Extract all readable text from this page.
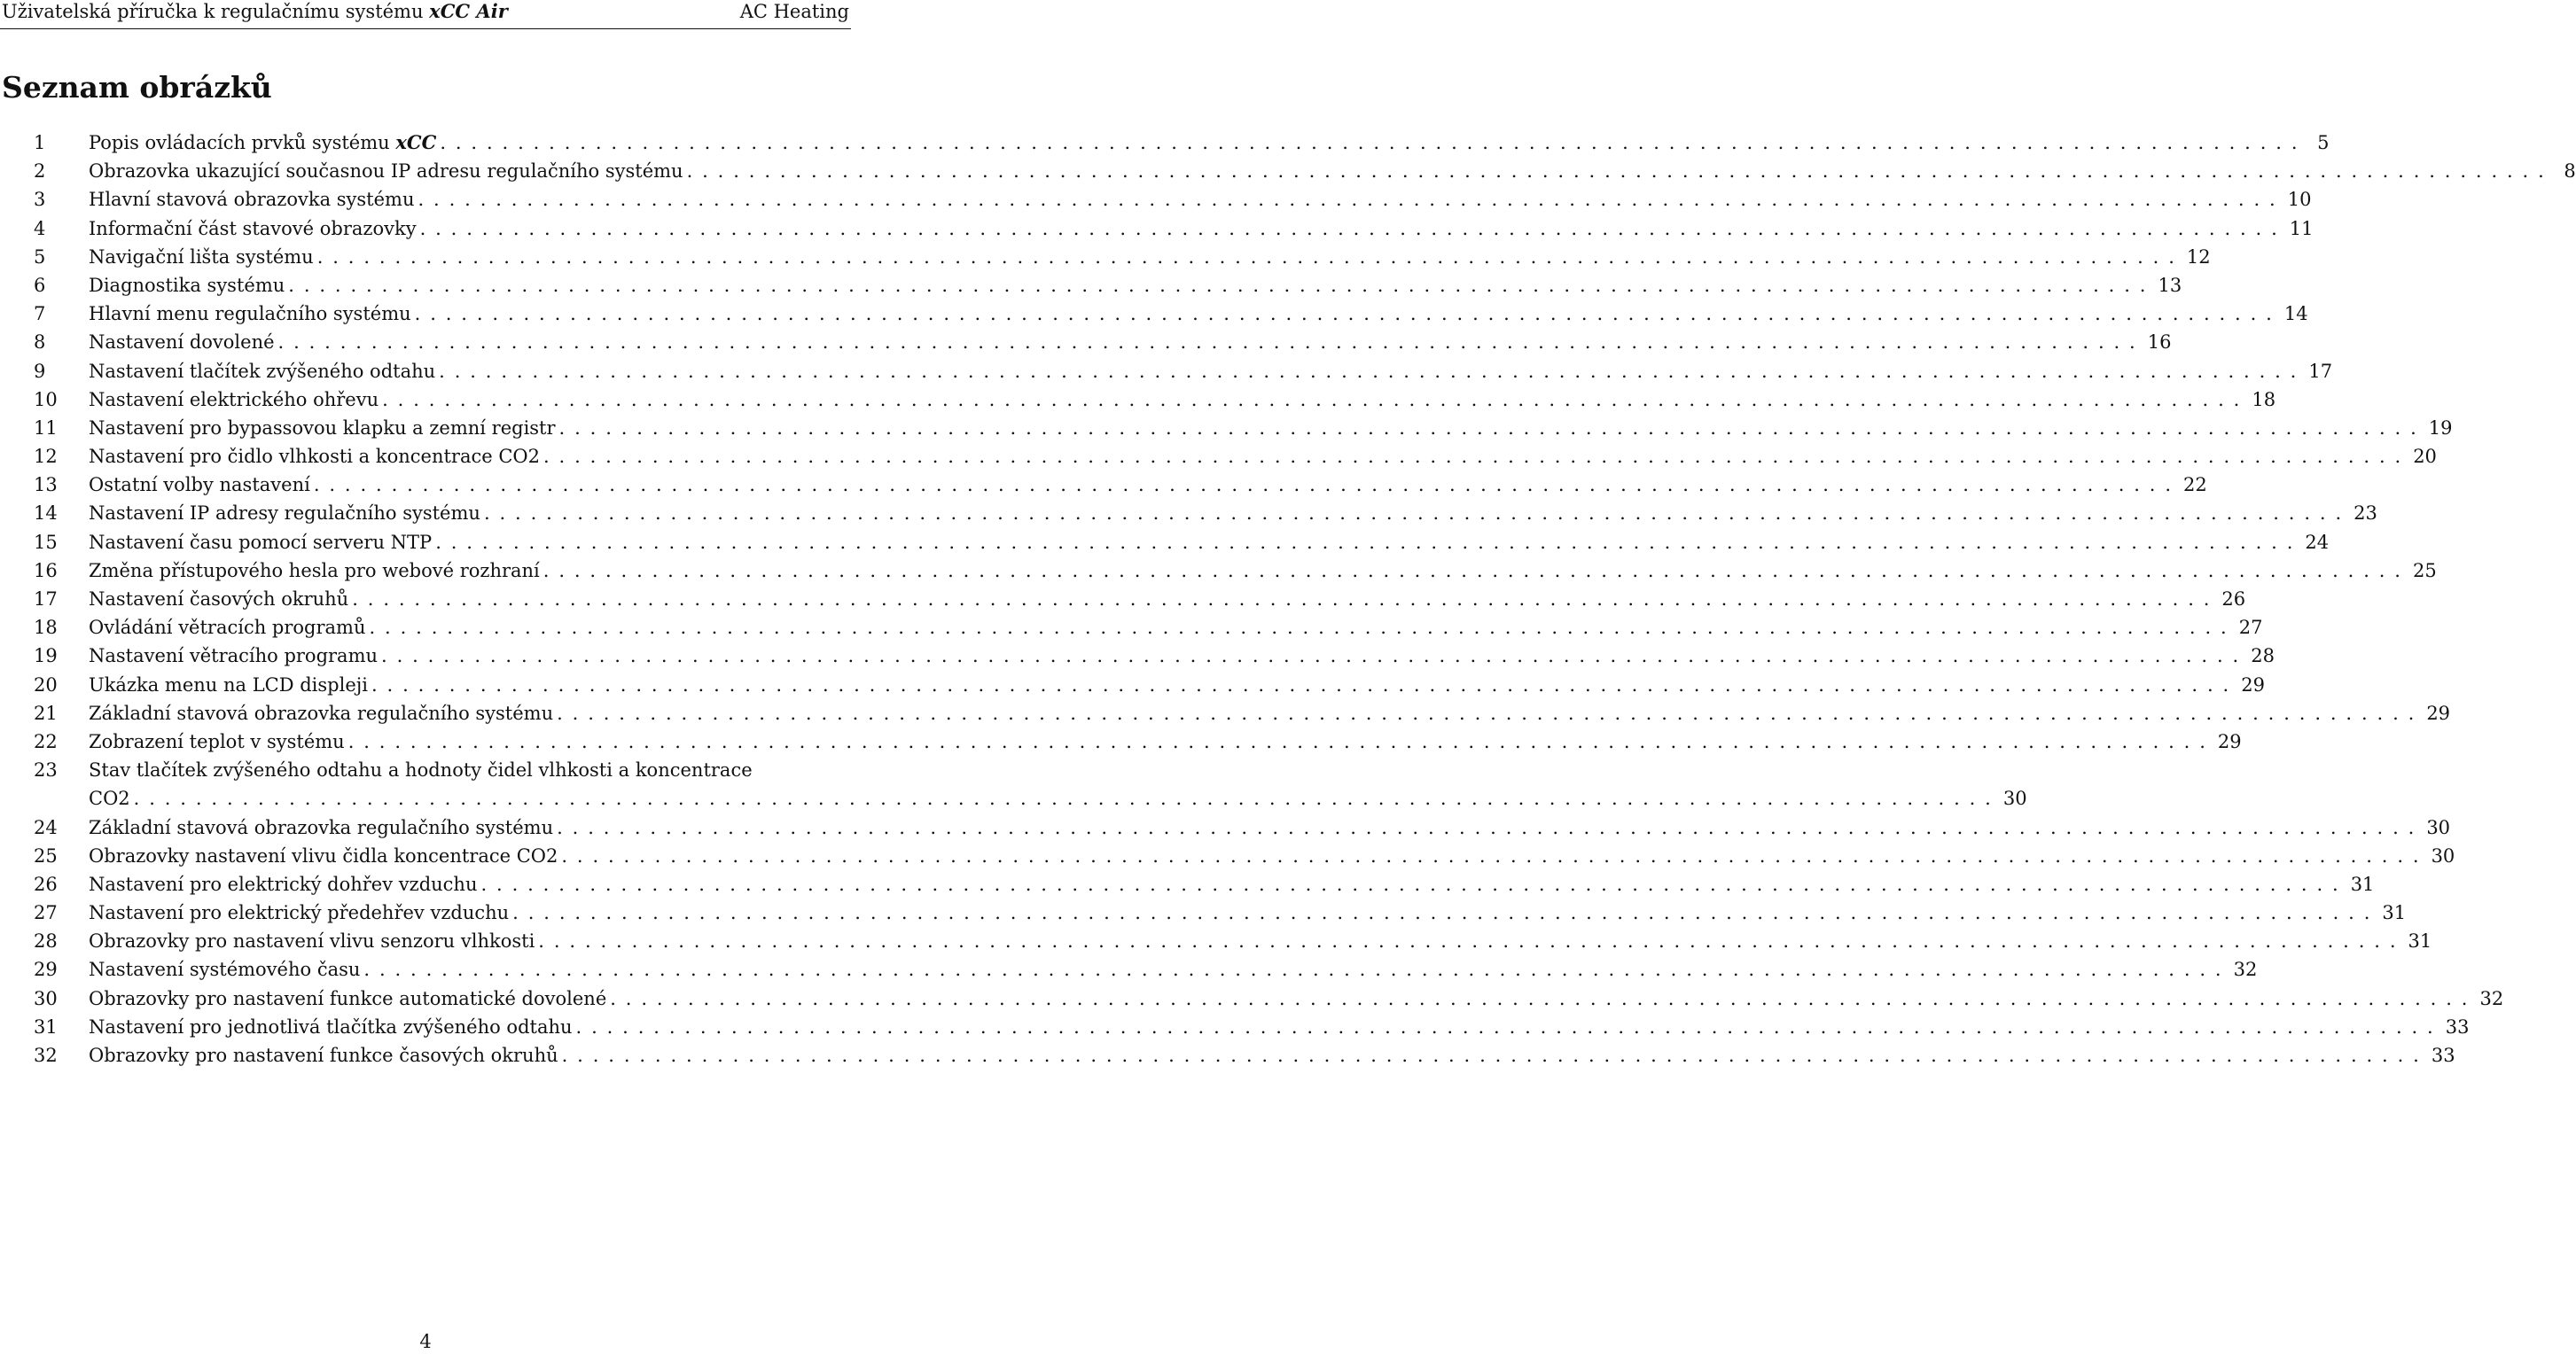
Uživatelská příručka k regulačnímu systému xCC Air	AC Heating
Seznam obrázků
1 Popis ovládacích prvků systému xCC . . . . . . . . . . . . . . . . . . . . . . . . . . . . . . . . . . . . . . . . . . . . . . . . . . . . . . . . . . . . . . . . . . . . . . . . . . . . . . . . . . . . . . . . . . . . . . . . . . . . . . . . . . . . . . . . . . . . . . . .	5
2 Obrazovka ukazující současnou IP adresu regulačního systému . . . . . . . . . . . . . . . . . . . . . . . . . . . . . . . . . . . . . . . . . . . . . . . . . . . . . . . . . . . . . . . . . . . . . . . . . . . . . . . . . . . . . . . . . . . . . . . . . . . . . . . . . . . . . . . . . . . . . . . .	8
3 Hlavní stavová obrazovka systému . . . . . . . . . . . . . . . . . . . . . . . . . . . . . . . . . . . . . . . . . . . . . . . . . . . . . . . . . . . . . . . . . . . . . . . . . . . . . . . . . . . . . . . . . . . . . . . . . . . . . . . . . . . . . . . . . . . . . . . . 10
4 Informační část stavové obrazovky . . . . . . . . . . . . . . . . . . . . . . . . . . . . . . . . . . . . . . . . . . . . . . . . . . . . . . . . . . . . . . . . . . . . . . . . . . . . . . . . . . . . . . . . . . . . . . . . . . . . . . . . . . . . . . . . . . . . . . . . 11
5 Navigační lišta systému . . . . . . . . . . . . . . . . . . . . . . . . . . . . . . . . . . . . . . . . . . . . . . . . . . . . . . . . . . . . . . . . . . . . . . . . . . . . . . . . . . . . . . . . . . . . . . . . . . . . . . . . . . . . . . . . . . . . . . . . 12
6 Diagnostika systému . . . . . . . . . . . . . . . . . . . . . . . . . . . . . . . . . . . . . . . . . . . . . . . . . . . . . . . . . . . . . . . . . . . . . . . . . . . . . . . . . . . . . . . . . . . . . . . . . . . . . . . . . . . . . . . . . . . . . . . . 13
7 Hlavní menu regulačního systému . . . . . . . . . . . . . . . . . . . . . . . . . . . . . . . . . . . . . . . . . . . . . . . . . . . . . . . . . . . . . . . . . . . . . . . . . . . . . . . . . . . . . . . . . . . . . . . . . . . . . . . . . . . . . . . . . . . . . . . . 14
8 Nastavení dovolené . . . . . . . . . . . . . . . . . . . . . . . . . . . . . . . . . . . . . . . . . . . . . . . . . . . . . . . . . . . . . . . . . . . . . . . . . . . . . . . . . . . . . . . . . . . . . . . . . . . . . . . . . . . . . . . . . . . . . . . . 16
9 Nastavení tlačítek zvýšeného odtahu . . . . . . . . . . . . . . . . . . . . . . . . . . . . . . . . . . . . . . . . . . . . . . . . . . . . . . . . . . . . . . . . . . . . . . . . . . . . . . . . . . . . . . . . . . . . . . . . . . . . . . . . . . . . . . . . . . . . . . . . 17
10 Nastavení elektrického ohřevu . . . . . . . . . . . . . . . . . . . . . . . . . . . . . . . . . . . . . . . . . . . . . . . . . . . . . . . . . . . . . . . . . . . . . . . . . . . . . . . . . . . . . . . . . . . . . . . . . . . . . . . . . . . . . . . . . . . . . . . . 18
11 Nastavení pro bypassovou klapku a zemní registr . . . . . . . . . . . . . . . . . . . . . . . . . . . . . . . . . . . . . . . . . . . . . . . . . . . . . . . . . . . . . . . . . . . . . . . . . . . . . . . . . . . . . . . . . . . . . . . . . . . . . . . . . . . . . . . . . . . . . . . . 19
12 Nastavení pro čidlo vlhkosti a koncentrace CO2 . . . . . . . . . . . . . . . . . . . . . . . . . . . . . . . . . . . . . . . . . . . . . . . . . . . . . . . . . . . . . . . . . . . . . . . . . . . . . . . . . . . . . . . . . . . . . . . . . . . . . . . . . . . . . . . . . . . . . . . . 20
13 Ostatní volby nastavení . . . . . . . . . . . . . . . . . . . . . . . . . . . . . . . . . . . . . . . . . . . . . . . . . . . . . . . . . . . . . . . . . . . . . . . . . . . . . . . . . . . . . . . . . . . . . . . . . . . . . . . . . . . . . . . . . . . . . . . . 22
14 Nastavení IP adresy regulačního systému . . . . . . . . . . . . . . . . . . . . . . . . . . . . . . . . . . . . . . . . . . . . . . . . . . . . . . . . . . . . . . . . . . . . . . . . . . . . . . . . . . . . . . . . . . . . . . . . . . . . . . . . . . . . . . . . . . . . . . . . 23
15 Nastavení času pomocí serveru NTP . . . . . . . . . . . . . . . . . . . . . . . . . . . . . . . . . . . . . . . . . . . . . . . . . . . . . . . . . . . . . . . . . . . . . . . . . . . . . . . . . . . . . . . . . . . . . . . . . . . . . . . . . . . . . . . . . . . . . . . . 24
16 Změna přístupového hesla pro webové rozhraní . . . . . . . . . . . . . . . . . . . . . . . . . . . . . . . . . . . . . . . . . . . . . . . . . . . . . . . . . . . . . . . . . . . . . . . . . . . . . . . . . . . . . . . . . . . . . . . . . . . . . . . . . . . . . . . . . . . . . . . . 25
17 Nastavení časových okruhů . . . . . . . . . . . . . . . . . . . . . . . . . . . . . . . . . . . . . . . . . . . . . . . . . . . . . . . . . . . . . . . . . . . . . . . . . . . . . . . . . . . . . . . . . . . . . . . . . . . . . . . . . . . . . . . . . . . . . . . . 26
18 Ovládání větracích programů . . . . . . . . . . . . . . . . . . . . . . . . . . . . . . . . . . . . . . . . . . . . . . . . . . . . . . . . . . . . . . . . . . . . . . . . . . . . . . . . . . . . . . . . . . . . . . . . . . . . . . . . . . . . . . . . . . . . . . . . 27
19 Nastavení větracího programu . . . . . . . . . . . . . . . . . . . . . . . . . . . . . . . . . . . . . . . . . . . . . . . . . . . . . . . . . . . . . . . . . . . . . . . . . . . . . . . . . . . . . . . . . . . . . . . . . . . . . . . . . . . . . . . . . . . . . . . . 28
20 Ukázka menu na LCD displeji . . . . . . . . . . . . . . . . . . . . . . . . . . . . . . . . . . . . . . . . . . . . . . . . . . . . . . . . . . . . . . . . . . . . . . . . . . . . . . . . . . . . . . . . . . . . . . . . . . . . . . . . . . . . . . . . . . . . . . . . 29
21 Základní stavová obrazovka regulačního systému . . . . . . . . . . . . . . . . . . . . . . . . . . . . . . . . . . . . . . . . . . . . . . . . . . . . . . . . . . . . . . . . . . . . . . . . . . . . . . . . . . . . . . . . . . . . . . . . . . . . . . . . . . . . . . . . . . . . . . . . 29
22 Zobrazení teplot v systému . . . . . . . . . . . . . . . . . . . . . . . . . . . . . . . . . . . . . . . . . . . . . . . . . . . . . . . . . . . . . . . . . . . . . . . . . . . . . . . . . . . . . . . . . . . . . . . . . . . . . . . . . . . . . . . . . . . . . . . . 29
23 Stav tlačítek zvýšeného odtahu a hodnoty čidel vlhkosti a koncentrace
CO2 . . . . . . . . . . . . . . . . . . . . . . . . . . . . . . . . . . . . . . . . . . . . . . . . . . . . . . . . . . . . . . . . . . . . . . . . . . . . . . . . . . . . . . . . . . . . . . . . . . . . . . . . . . . . . . . . . . . . . . . . 30
24 Základní stavová obrazovka regulačního systému . . . . . . . . . . . . . . . . . . . . . . . . . . . . . . . . . . . . . . . . . . . . . . . . . . . . . . . . . . . . . . . . . . . . . . . . . . . . . . . . . . . . . . . . . . . . . . . . . . . . . . . . . . . . . . . . . . . . . . . . 30
25 Obrazovky nastavení vlivu čidla koncentrace CO2 . . . . . . . . . . . . . . . . . . . . . . . . . . . . . . . . . . . . . . . . . . . . . . . . . . . . . . . . . . . . . . . . . . . . . . . . . . . . . . . . . . . . . . . . . . . . . . . . . . . . . . . . . . . . . . . . . . . . . . . . 30
26 Nastavení pro elektrický dohřev vzduchu . . . . . . . . . . . . . . . . . . . . . . . . . . . . . . . . . . . . . . . . . . . . . . . . . . . . . . . . . . . . . . . . . . . . . . . . . . . . . . . . . . . . . . . . . . . . . . . . . . . . . . . . . . . . . . . . . . . . . . . . 31
27 Nastavení pro elektrický předehřev vzduchu . . . . . . . . . . . . . . . . . . . . . . . . . . . . . . . . . . . . . . . . . . . . . . . . . . . . . . . . . . . . . . . . . . . . . . . . . . . . . . . . . . . . . . . . . . . . . . . . . . . . . . . . . . . . . . . . . . . . . . . . 31
28 Obrazovky pro nastavení vlivu senzoru vlhkosti . . . . . . . . . . . . . . . . . . . . . . . . . . . . . . . . . . . . . . . . . . . . . . . . . . . . . . . . . . . . . . . . . . . . . . . . . . . . . . . . . . . . . . . . . . . . . . . . . . . . . . . . . . . . . . . . . . . . . . . . 31
29 Nastavení systémového času . . . . . . . . . . . . . . . . . . . . . . . . . . . . . . . . . . . . . . . . . . . . . . . . . . . . . . . . . . . . . . . . . . . . . . . . . . . . . . . . . . . . . . . . . . . . . . . . . . . . . . . . . . . . . . . . . . . . . . . . 32
30 Obrazovky pro nastavení funkce automatické dovolené . . . . . . . . . . . . . . . . . . . . . . . . . . . . . . . . . . . . . . . . . . . . . . . . . . . . . . . . . . . . . . . . . . . . . . . . . . . . . . . . . . . . . . . . . . . . . . . . . . . . . . . . . . . . . . . . . . . . . . . . 32
31 Nastavení pro jednotlivá tlačítka zvýšeného odtahu . . . . . . . . . . . . . . . . . . . . . . . . . . . . . . . . . . . . . . . . . . . . . . . . . . . . . . . . . . . . . . . . . . . . . . . . . . . . . . . . . . . . . . . . . . . . . . . . . . . . . . . . . . . . . . . . . . . . . . . . 33
32 Obrazovky pro nastavení funkce časových okruhů . . . . . . . . . . . . . . . . . . . . . . . . . . . . . . . . . . . . . . . . . . . . . . . . . . . . . . . . . . . . . . . . . . . . . . . . . . . . . . . . . . . . . . . . . . . . . . . . . . . . . . . . . . . . . . . . . . . . . . . . 33
4
